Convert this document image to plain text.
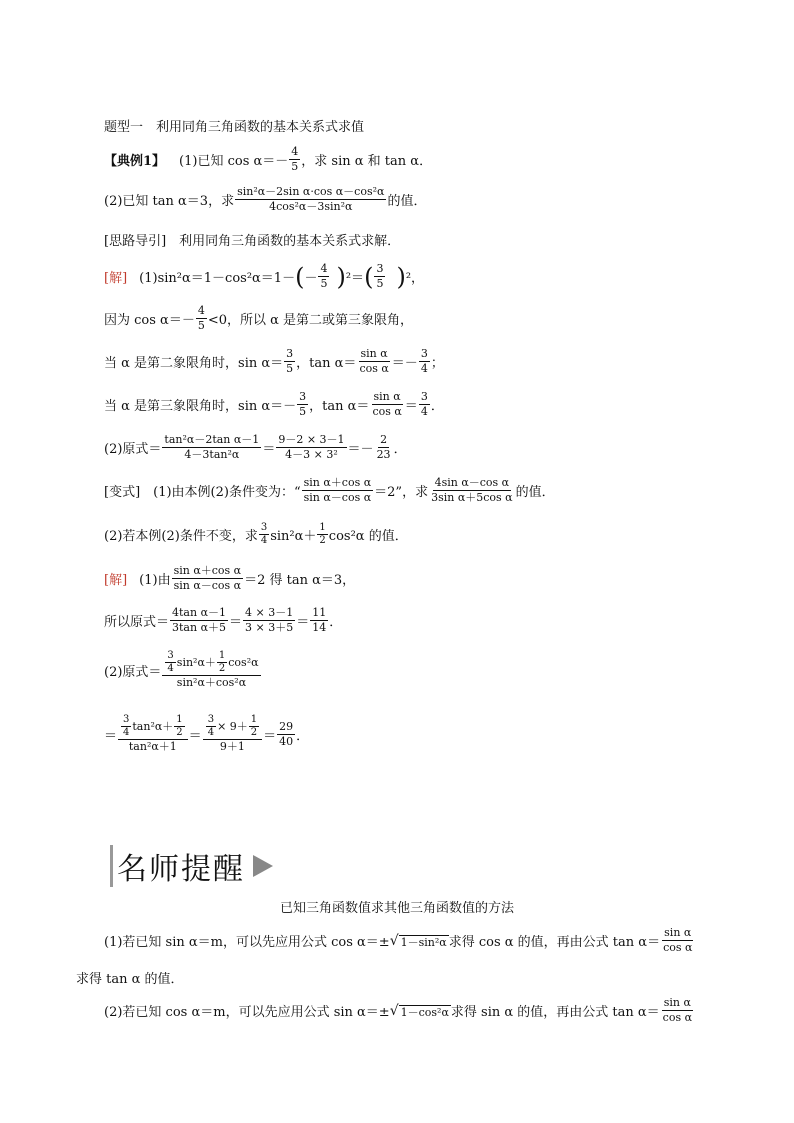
题型一　利用同角三角函数的基本关系式求值
【典例1】 (1)已知 $\cos \alpha=- \frac{4}{5}$ ，求 sin α 和 tan α．
(2)已知 tan α＝3，求 $\frac{\text{sin²α－2sin α·cos α－cos²α}}{\text{4cos²α－3sin²α}}$ 的值．
[思路导引]　利用同角三角函数的基本关系式求解．
[解] (1)sin²α＝1－cos²α＝1－ ( － $\frac{4}{5}$ ) ²＝ ( $\frac{3}{5}$ ) ²，
因为 $\cos \alpha=- \frac{4}{5} <0$，所以 α 是第二或第三象限角，
当 α 是第二象限角时，$\sin \alpha= \frac{3}{5}$ ，$\tan \alpha= \frac{\text{sin α}}{\text{cos α}} =- \frac{3}{4}$ ；
当 α 是第三象限角时，$\sin \alpha=- \frac{3}{5}$ ，$\tan \alpha= \frac{\text{sin α}}{\text{cos α}} = \frac{3}{4}$ ．
(2)原式＝ $\frac{\text{tan²α－2tan α－1}}{\text{4－3tan²α}} = \frac{9-2 \times 3-1}{\text{4－3 × 3²}} =- \frac{2}{23}$ ．
[变式]　(1)由本例(2)条件变为：“ $\frac{\text{sin α＋cos α}}{\text{sin α－cos α}} =2$”，求 $\frac{\text{4sin α－cos α}}{\text{3sin α＋5cos α}}$ 的值．
(2)若本例(2)条件不变，求 $\frac{3}{4} \sin^2\alpha+ \frac{1}{2} \cos^2\alpha$ 的值．
[解] (1)由 $\frac{\text{sin α＋cos α}}{\text{sin α－cos α}} =2$ 得 tan α＝3，
所以原式＝ $\frac{\text{4tan α－1}}{\text{3tan α＋5}} = \frac{4 \times 3-1}{3 \times 3+5} = \frac{11}{14}$ ．
(2)原式＝ $\frac{\frac{3}{4} \sin^2\alpha+ \frac{1}{2} \cos^2\alpha}{\text{sin²α＋cos²α}}$
＝ $\frac{\frac{3}{4} \tan^2\alpha+ \frac{1}{2}}{\text{tan²α＋1}} = \frac{\frac{3}{4} \times 9+ \frac{1}{2}}{9+1} = \frac{29}{40}$ ．
名师提醒
已知三角函数值求其他三角函数值的方法
(1)若已知 sin α＝m，可以先应用公式 cos α＝± √ 1－sin²α 求得 cos α 的值，再由公式 $\tan \alpha= \frac{\text{sin α}}{\text{cos α}}$
求得 tan α 的值．
(2)若已知 cos α＝m，可以先应用公式 sin α＝± √ 1－cos²α 求得 sin α 的值，再由公式 $\tan \alpha= \frac{\text{sin α}}{\text{cos α}}$
